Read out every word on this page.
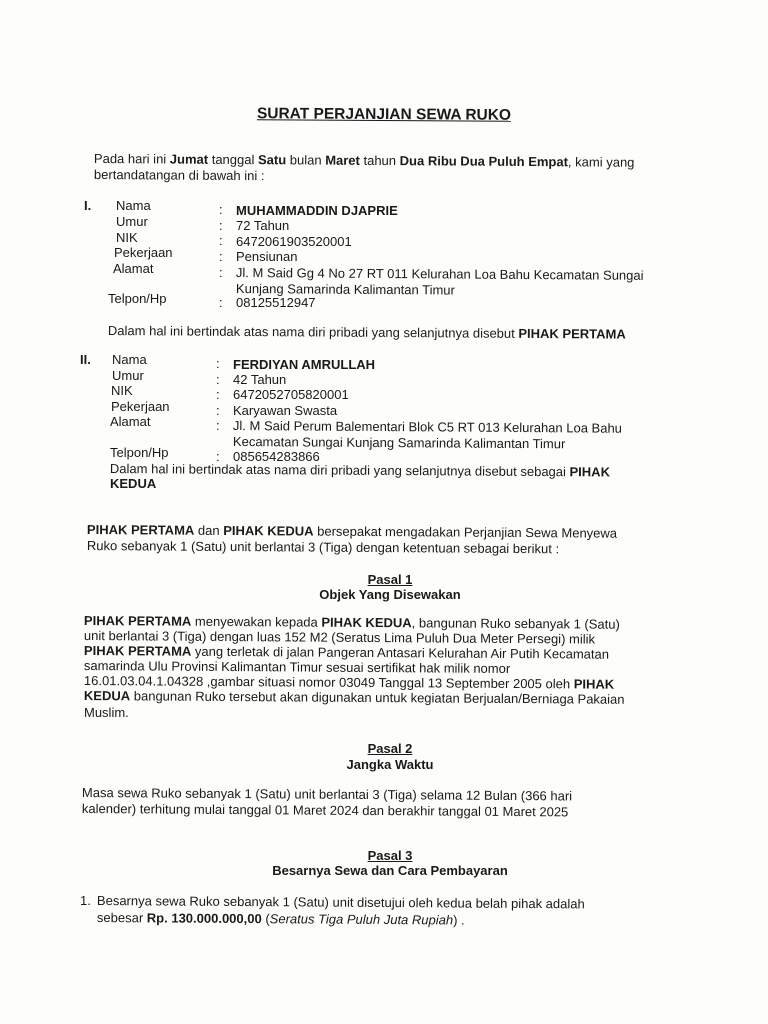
SURAT PERJANJIAN SEWA RUKO
Pada hari ini Jumat tanggal Satu bulan Maret tahun Dua Ribu Dua Puluh Empat, kami yang
bertandatangan di bawah ini :
I. Nama	: MUHAMMADDIN DJAPRIE
Umur	: 72 Tahun
NIK	: 6472061903520001
Pekerjaan	: Pensiunan
Alamat	: Jl. M Said Gg 4 No 27 RT 011 Kelurahan Loa Bahu Kecamatan Sungai
Kunjang Samarinda Kalimantan Timur
Telpon/Hp	: 08125512947
Dalam hal ini bertindak atas nama diri pribadi yang selanjutnya disebut PIHAK PERTAMA
II. Nama	: FERDIYAN AMRULLAH
Umur	: 42 Tahun
NIK	: 6472052705820001
Pekerjaan	: Karyawan Swasta
Alamat	: Jl. M Said Perum Balementari Blok C5 RT 013 Kelurahan Loa Bahu
Kecamatan Sungai Kunjang Samarinda Kalimantan Timur
Telpon/Hp	: 085654283866
Dalam hal ini bertindak atas nama diri pribadi yang selanjutnya disebut sebagai PIHAK
KEDUA
PIHAK PERTAMA dan PIHAK KEDUA bersepakat mengadakan Perjanjian Sewa Menyewa
Ruko sebanyak 1 (Satu) unit berlantai 3 (Tiga) dengan ketentuan sebagai berikut :
Pasal 1
Objek Yang Disewakan
PIHAK PERTAMA menyewakan kepada PIHAK KEDUA, bangunan Ruko sebanyak 1 (Satu)
unit berlantai 3 (Tiga) dengan luas 152 M2 (Seratus Lima Puluh Dua Meter Persegi) milik
PIHAK PERTAMA yang terletak di jalan Pangeran Antasari Kelurahan Air Putih Kecamatan
samarinda Ulu Provinsi Kalimantan Timur sesuai sertifikat hak milik nomor
16.01.03.04.1.04328 ,gambar situasi nomor 03049 Tanggal 13 September 2005 oleh PIHAK
KEDUA bangunan Ruko tersebut akan digunakan untuk kegiatan Berjualan/Berniaga Pakaian
Muslim.
Pasal 2
Jangka Waktu
Masa sewa Ruko sebanyak 1 (Satu) unit berlantai 3 (Tiga) selama 12 Bulan (366 hari
kalender) terhitung mulai tanggal 01 Maret 2024 dan berakhir tanggal 01 Maret 2025
Pasal 3
Besarnya Sewa dan Cara Pembayaran
1. Besarnya sewa Ruko sebanyak 1 (Satu) unit disetujui oleh kedua belah pihak adalah
sebesar Rp. 130.000.000,00 (Seratus Tiga Puluh Juta Rupiah) .
